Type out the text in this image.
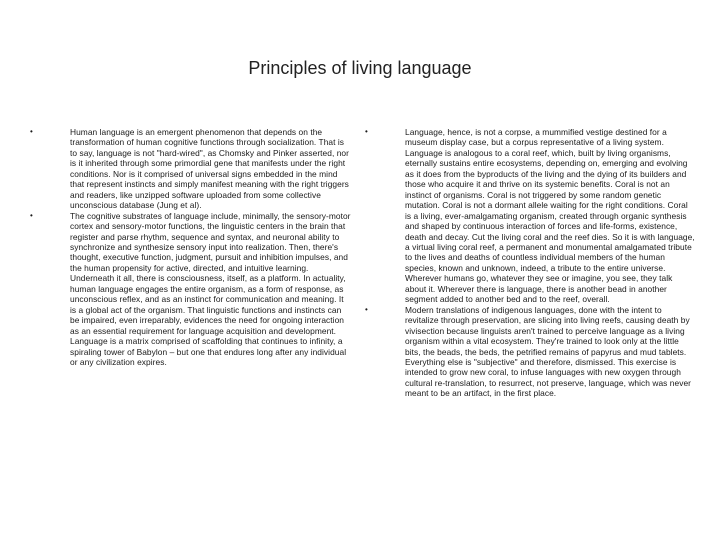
Principles of living language
•	Human language is an emergent phenomenon that depends on the transformation of human cognitive functions through socialization. That is to say, language is not "hard-wired", as Chomsky and Pinker asserted, nor is it inherited through some primordial gene that manifests under the right conditions. Nor is it comprised of universal signs embedded in the mind that represent instincts and simply manifest meaning with the right triggers and readers, like unzipped software uploaded from some collective unconscious database (Jung et al).
•	The cognitive substrates of language include, minimally, the sensory-motor cortex and sensory-motor functions, the linguistic centers in the brain that register and parse rhythm, sequence and syntax, and neuronal ability to synchronize and synthesize sensory input into realization. Then, there's thought, executive function, judgment, pursuit and inhibition impulses, and the human propensity for active, directed, and intuitive learning. Underneath it all, there is consciousness, itself, as a platform. In actuality, human language engages the entire organism, as a form of response, as unconscious reflex, and as an instinct for communication and meaning. It is a global act of the organism. That linguistic functions and instincts can be impaired, even irreparably, evidences the need for ongoing interaction as an essential requirement for language acquisition and development. Language is a matrix comprised of scaffolding that continues to infinity, a spiraling tower of Babylon – but one that endures long after any individual or any civilization expires.
•	Language, hence, is not a corpse, a mummified vestige destined for a museum display case, but a corpus representative of a living system. Language is analogous to a coral reef, which, built by living organisms, eternally sustains entire ecosystems, depending on, emerging and evolving as it does from the byproducts of the living and the dying of its builders and those who acquire it and thrive on its systemic benefits. Coral is not an instinct of organisms. Coral is not triggered by some random genetic mutation. Coral is not a dormant allele waiting for the right conditions. Coral is a living, ever-amalgamating organism, created through organic synthesis and shaped by continuous interaction of forces and life-forms, existence, death and decay. Cut the living coral and the reef dies. So it is with language, a virtual living coral reef, a permanent and monumental amalgamated tribute to the lives and deaths of countless individual members of the human species, known and unknown, indeed, a tribute to the entire universe. Wherever humans go, whatever they see or imagine, you see, they talk about it. Wherever there is language, there is another bead in another segment added to another bed and to the reef, overall.
•	Modern translations of indigenous languages, done with the intent to revitalize through preservation, are slicing into living reefs, causing death by vivisection because linguists aren't trained to perceive language as a living organism within a vital ecosystem. They're trained to look only at the little bits, the beads, the beds, the petrified remains of papyrus and mud tablets. Everything else is "subjective" and therefore, dismissed. This exercise is intended to grow new coral, to infuse languages with new oxygen through cultural re-translation, to resurrect, not preserve, language, which was never meant to be an artifact, in the first place.
